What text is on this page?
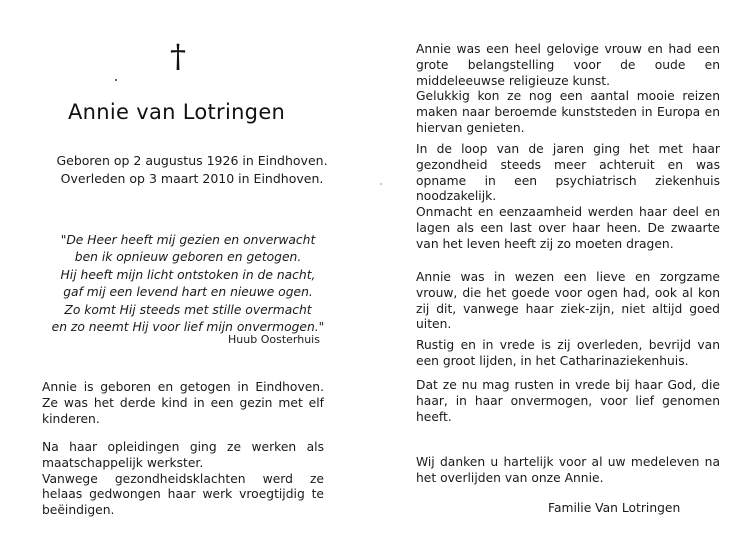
†
Annie van Lotringen
Geboren op 2 augustus 1926 in Eindhoven.
Overleden op 3 maart 2010 in Eindhoven.
"De Heer heeft mij gezien en onverwacht
ben ik opnieuw geboren en getogen.
Hij heeft mijn licht ontstoken in de nacht,
gaf mij een levend hart en nieuwe ogen.
Zo komt Hij steeds met stille overmacht
en zo neemt Hij voor lief mijn onvermogen."
Huub Oosterhuis

Annie is geboren en getogen in Eindhoven. Ze was het derde kind in een gezin met elf kinderen.

Na haar opleidingen ging ze werken als maatschappelijk werkster.

Vanwege gezondheidsklachten werd ze helaas gedwongen haar werk vroegtijdig te beëindigen.

Annie was een heel gelovige vrouw en had een grote belangstelling voor de oude en middeleeuwse religieuze kunst.

Gelukkig kon ze nog een aantal mooie reizen maken naar beroemde kunststeden in Europa en hiervan genieten.

In de loop van de jaren ging het met haar gezondheid steeds meer achteruit en was opname in een psychiatrisch ziekenhuis noodzakelijk.

Onmacht en eenzaamheid werden haar deel en lagen als een last over haar heen. De zwaarte van het leven heeft zij zo moeten dragen.

Annie was in wezen een lieve en zorgzame vrouw, die het goede voor ogen had, ook al kon zij dit, vanwege haar ziek-zijn, niet altijd goed uiten.

Rustig en in vrede is zij overleden, bevrijd van een groot lijden, in het Catharinaziekenhuis.

Dat ze nu mag rusten in vrede bij haar God, die haar, in haar onvermogen, voor lief genomen heeft.

Wij danken u hartelijk voor al uw medeleven na het overlijden van onze Annie.

Familie Van Lotringen
